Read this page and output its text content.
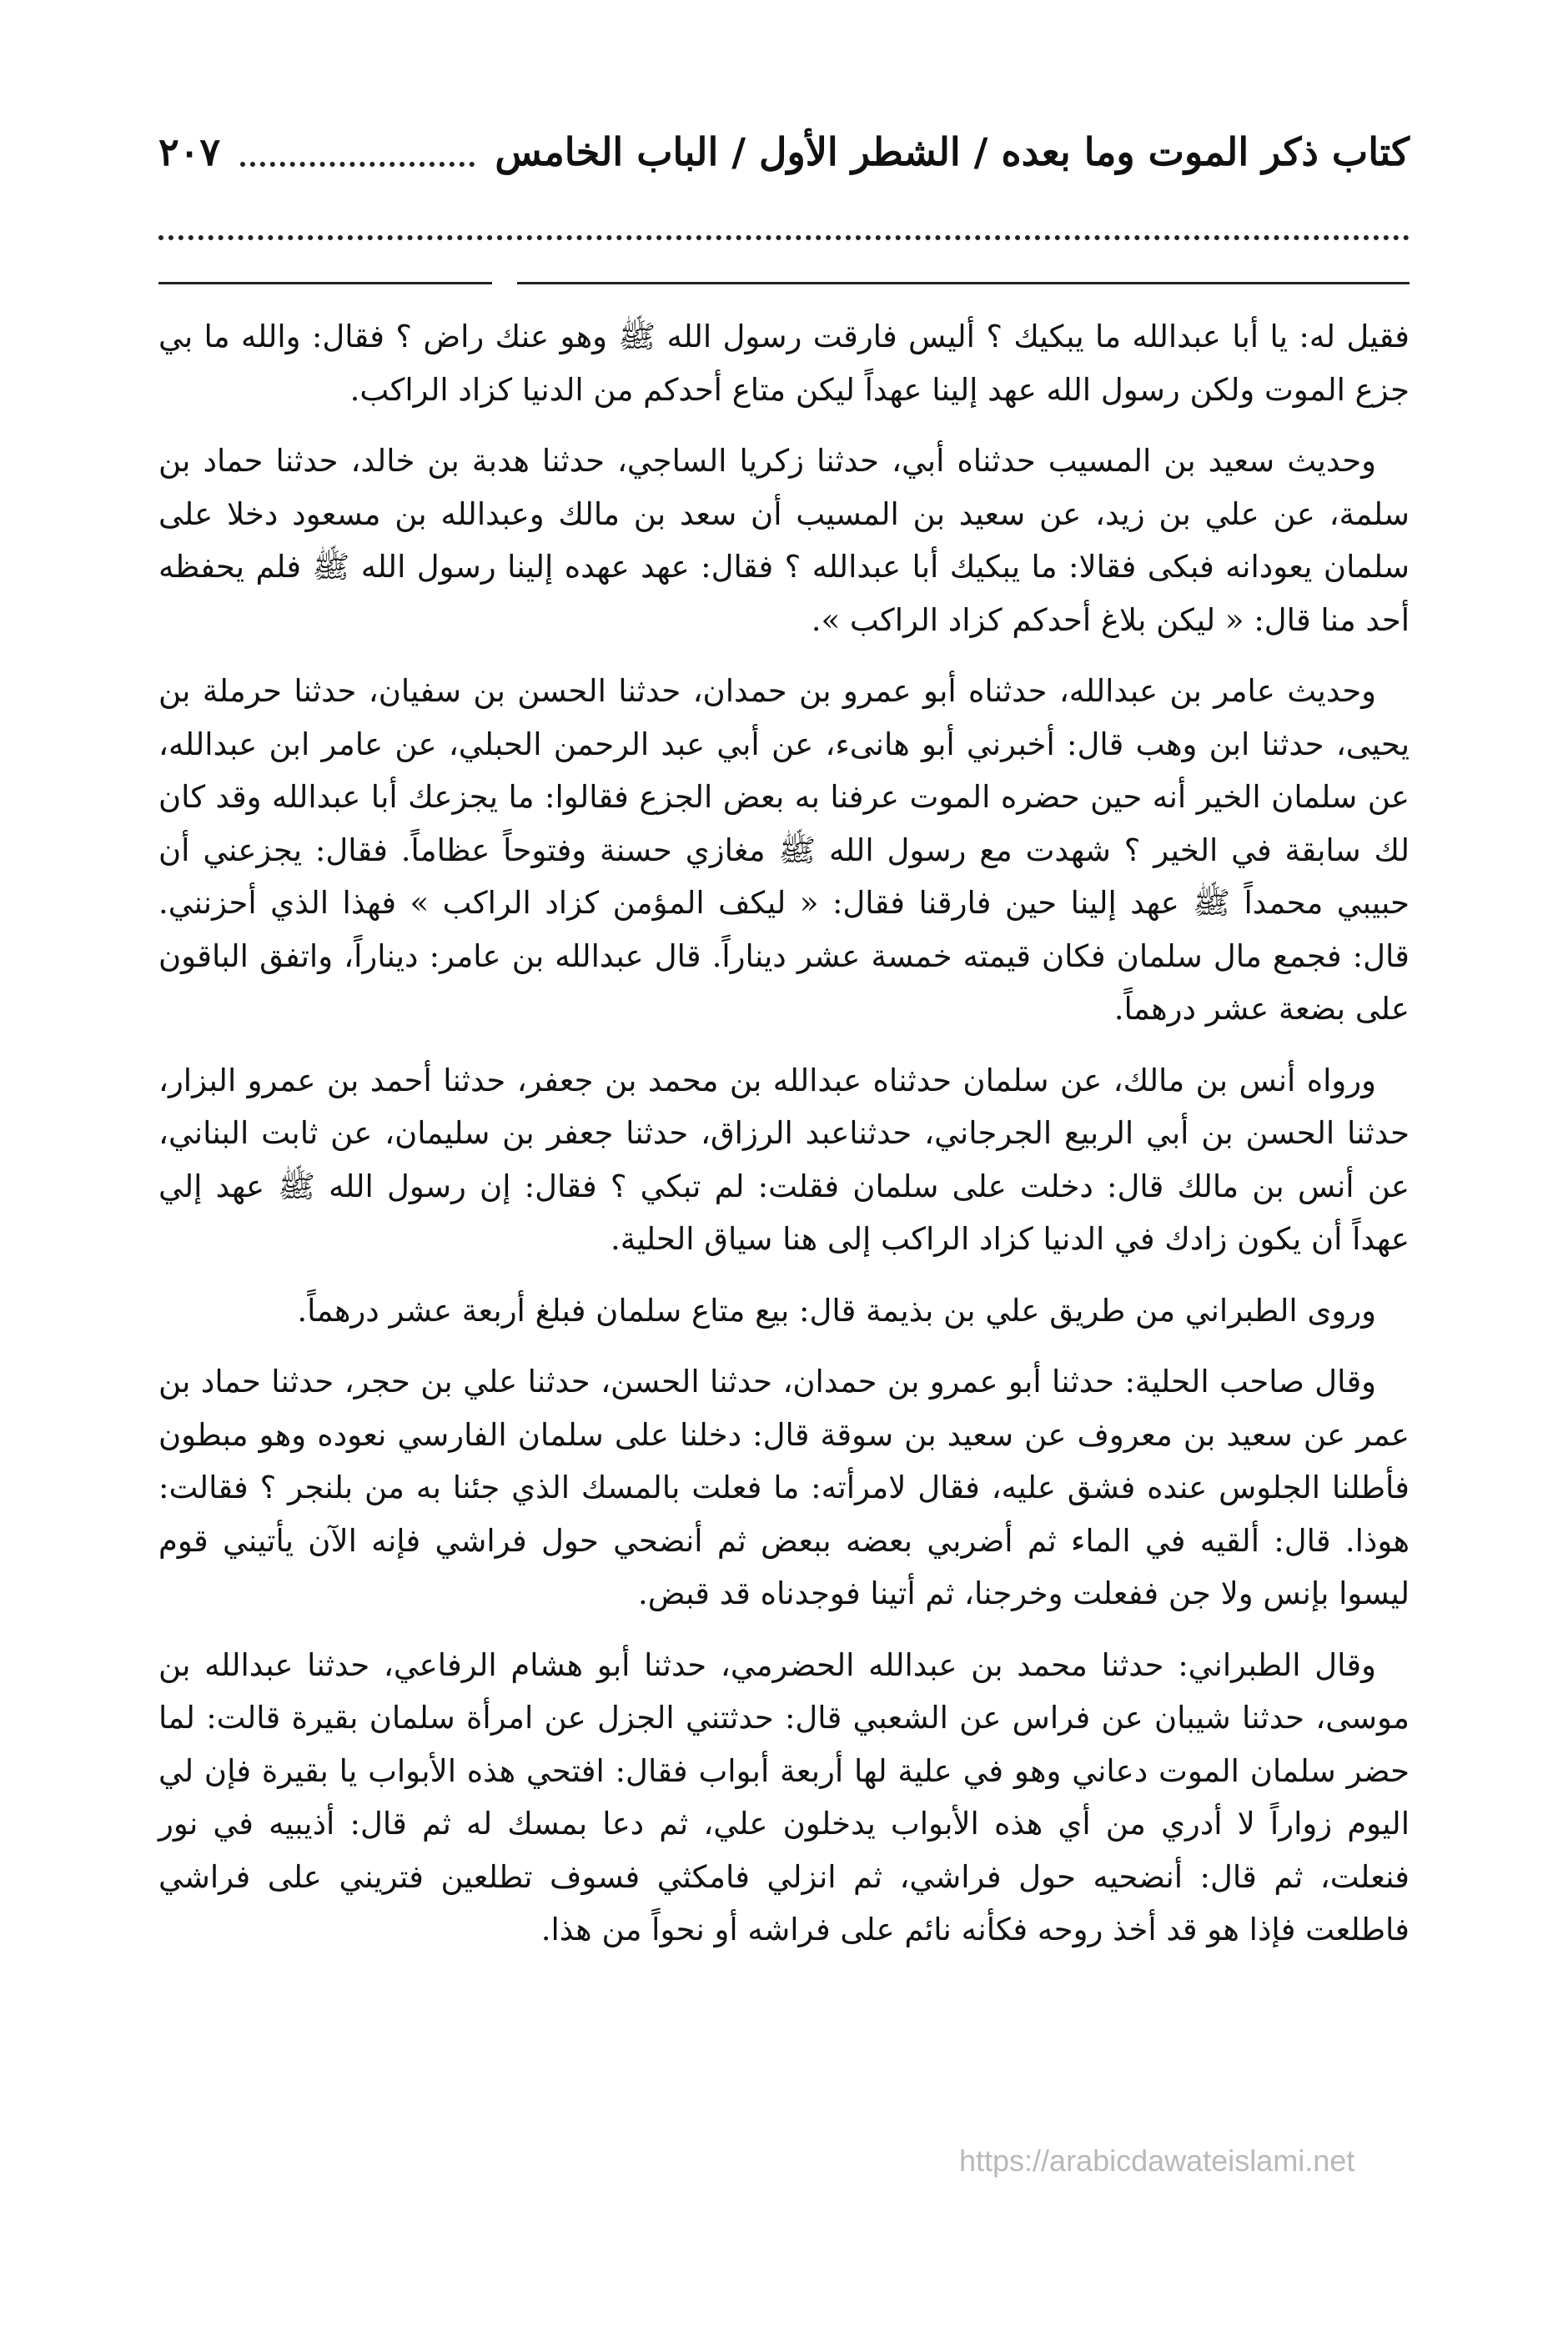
كتاب ذكر الموت وما بعده / الشطر الأول / الباب الخامس
٢٠٧

فقيل له: يا أبا عبدالله ما يبكيك ؟ أليس فارقت رسول الله ﷺ وهو عنك راض ؟ فقال: والله ما بي جزع الموت ولكن رسول الله عهد إلينا عهداً ليكن متاع أحدكم من الدنيا كزاد الراكب.

وحديث سعيد بن المسيب حدثناه أبي، حدثنا زكريا الساجي، حدثنا هدبة بن خالد، حدثنا حماد بن سلمة، عن علي بن زيد، عن سعيد بن المسيب أن سعد بن مالك وعبدالله بن مسعود دخلا على سلمان يعودانه فبكى فقالا: ما يبكيك أبا عبدالله ؟ فقال: عهد عهده إلينا رسول الله ﷺ فلم يحفظه أحد منا قال: « ليكن بلاغ أحدكم كزاد الراكب ».

وحديث عامر بن عبدالله، حدثناه أبو عمرو بن حمدان، حدثنا الحسن بن سفيان، حدثنا حرملة بن يحيى، حدثنا ابن وهب قال: أخبرني أبو هانىء، عن أبي عبد الرحمن الحبلي، عن عامر ابن عبدالله، عن سلمان الخير أنه حين حضره الموت عرفنا به بعض الجزع فقالوا: ما يجزعك أبا عبدالله وقد كان لك سابقة في الخير ؟ شهدت مع رسول الله ﷺ مغازي حسنة وفتوحاً عظاماً. فقال: يجزعني أن حبيبي محمداً ﷺ عهد إلينا حين فارقنا فقال: « ليكف المؤمن كزاد الراكب » فهذا الذي أحزنني. قال: فجمع مال سلمان فكان قيمته خمسة عشر ديناراً. قال عبدالله بن عامر: ديناراً، واتفق الباقون على بضعة عشر درهماً.

ورواه أنس بن مالك، عن سلمان حدثناه عبدالله بن محمد بن جعفر، حدثنا أحمد بن عمرو البزار، حدثنا الحسن بن أبي الربيع الجرجاني، حدثناعبد الرزاق، حدثنا جعفر بن سليمان، عن ثابت البناني، عن أنس بن مالك قال: دخلت على سلمان فقلت: لم تبكي ؟ فقال: إن رسول الله ﷺ عهد إلي عهداً أن يكون زادك في الدنيا كزاد الراكب إلى هنا سياق الحلية.

وروى الطبراني من طريق علي بن بذيمة قال: بيع متاع سلمان فبلغ أربعة عشر درهماً.

وقال صاحب الحلية: حدثنا أبو عمرو بن حمدان، حدثنا الحسن، حدثنا علي بن حجر، حدثنا حماد بن عمر عن سعيد بن معروف عن سعيد بن سوقة قال: دخلنا على سلمان الفارسي نعوده وهو مبطون فأطلنا الجلوس عنده فشق عليه، فقال لامرأته: ما فعلت بالمسك الذي جئنا به من بلنجر ؟ فقالت: هوذا. قال: ألقيه في الماء ثم أضربي بعضه ببعض ثم أنضحي حول فراشي فإنه الآن يأتيني قوم ليسوا بإنس ولا جن ففعلت وخرجنا، ثم أتينا فوجدناه قد قبض.

وقال الطبراني: حدثنا محمد بن عبدالله الحضرمي، حدثنا أبو هشام الرفاعي، حدثنا عبدالله بن موسى، حدثنا شيبان عن فراس عن الشعبي قال: حدثتني الجزل عن امرأة سلمان بقيرة قالت: لما حضر سلمان الموت دعاني وهو في علية لها أربعة أبواب فقال: افتحي هذه الأبواب يا بقيرة فإن لي اليوم زواراً لا أدري من أي هذه الأبواب يدخلون علي، ثم دعا بمسك له ثم قال: أذيبيه في نور فنعلت، ثم قال: أنضحيه حول فراشي، ثم انزلي فامكثي فسوف تطلعين فتريني على فراشي فاطلعت فإذا هو قد أخذ روحه فكأنه نائم على فراشه أو نحواً من هذا.

https://arabicdawateislami.net
